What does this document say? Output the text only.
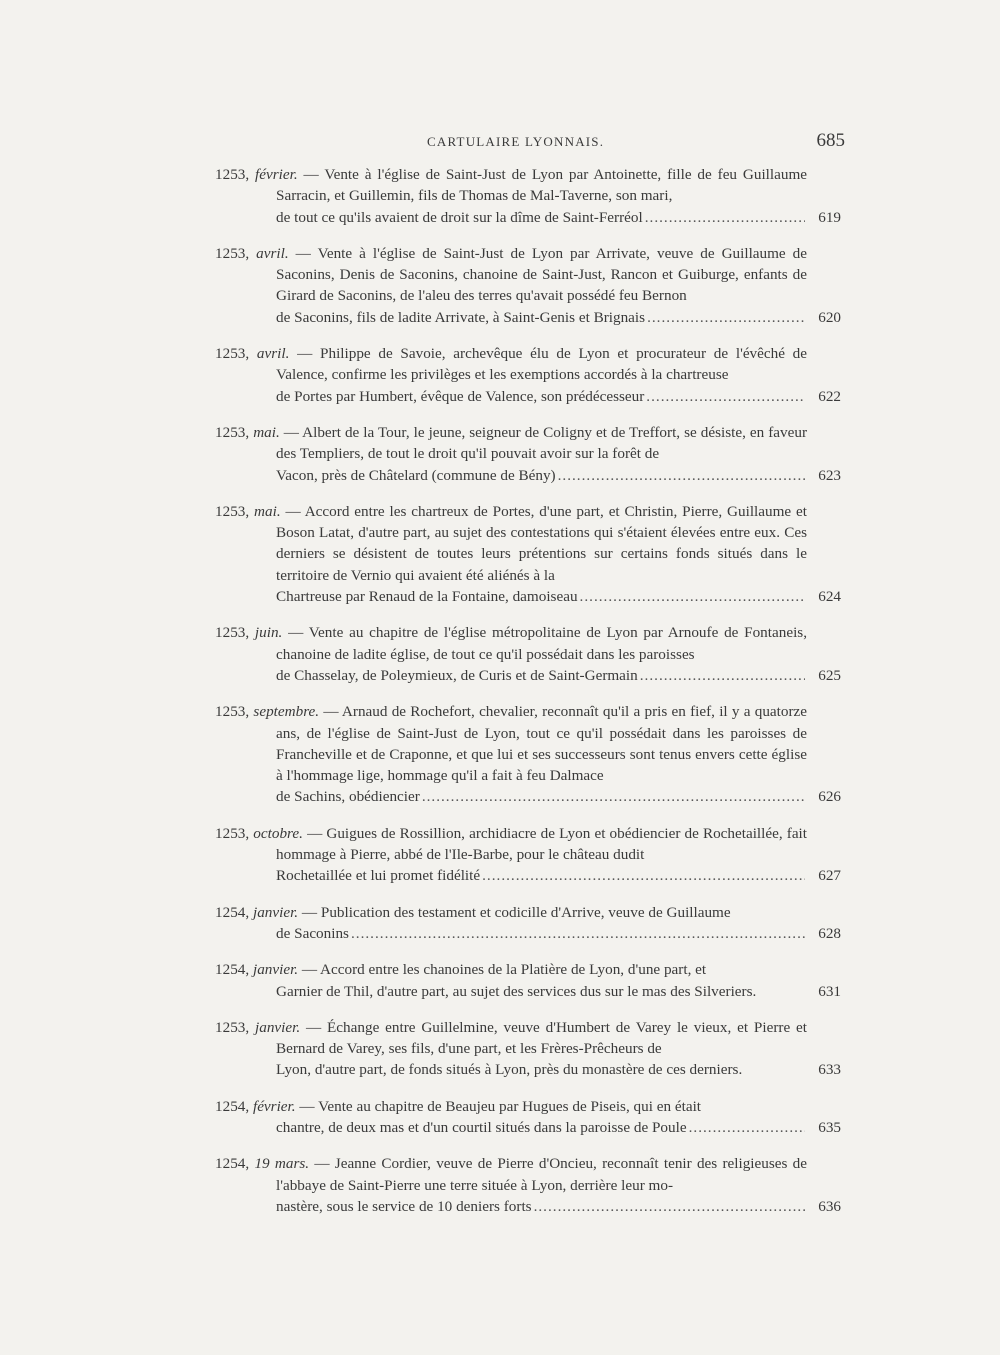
CARTULAIRE LYONNAIS.	685
1253, février. — Vente à l'église de Saint-Just de Lyon par Antoinette, fille de feu Guillaume Sarracin, et Guillemin, fils de Thomas de Mal-Taverne, son mari,
de tout ce qu'ils avaient de droit sur la dîme de Saint-Ferréol .....	619
1253, avril. — Vente à l'église de Saint-Just de Lyon par Arrivate, veuve de Guillaume de Saconins, Denis de Saconins, chanoine de Saint-Just, Rancon et Guiburge, enfants de Girard de Saconins, de l'aleu des terres qu'avait possédé feu Bernon
de Saconins, fils de ladite Arrivate, à Saint-Genis et Brignais .....	620
1253, avril. — Philippe de Savoie, archevêque élu de Lyon et procurateur de l'évêché de Valence, confirme les privilèges et les exemptions accordés à la chartreuse
de Portes par Humbert, évêque de Valence, son prédécesseur .....	622
1253, mai. — Albert de la Tour, le jeune, seigneur de Coligny et de Treffort, se désiste, en faveur des Templiers, de tout le droit qu'il pouvait avoir sur la forêt de
Vacon, près de Châtelard (commune de Bény) .....	623
1253, mai. — Accord entre les chartreux de Portes, d'une part, et Christin, Pierre, Guillaume et Boson Latat, d'autre part, au sujet des contestations qui s'étaient élevées entre eux. Ces derniers se désistent de toutes leurs prétentions sur certains fonds situés dans le territoire de Vernio qui avaient été aliénés à la
Chartreuse par Renaud de la Fontaine, damoiseau .....	624
1253, juin. — Vente au chapitre de l'église métropolitaine de Lyon par Arnoufe de Fontaneis, chanoine de ladite église, de tout ce qu'il possédait dans les paroisses
de Chasselay, de Poleymieux, de Curis et de Saint-Germain .....	625
1253, septembre. — Arnaud de Rochefort, chevalier, reconnaît qu'il a pris en fief, il y a quatorze ans, de l'église de Saint-Just de Lyon, tout ce qu'il possédait dans les paroisses de Francheville et de Craponne, et que lui et ses successeurs sont tenus envers cette église à l'hommage lige, hommage qu'il a fait à feu Dalmace
de Sachins, obédiencier .....	626
1253, octobre. — Guigues de Rossillion, archidiacre de Lyon et obédiencier de Rochetaillée, fait hommage à Pierre, abbé de l'Ile-Barbe, pour le château dudit
Rochetaillée et lui promet fidélité .....	627
1254, janvier. — Publication des testament et codicille d'Arrive, veuve de Guillaume
de Saconins .....	628
1254, janvier. — Accord entre les chanoines de la Platière de Lyon, d'une part, et
Garnier de Thil, d'autre part, au sujet des services dus sur le mas des Silveriers.	631
1253, janvier. — Échange entre Guillelmine, veuve d'Humbert de Varey le vieux, et Pierre et Bernard de Varey, ses fils, d'une part, et les Frères-Prêcheurs de
Lyon, d'autre part, de fonds situés à Lyon, près du monastère de ces derniers.	633
1254, février. — Vente au chapitre de Beaujeu par Hugues de Piseis, qui en était
chantre, de deux mas et d'un courtil situés dans la paroisse de Poule .....	635
1254, 19 mars. — Jeanne Cordier, veuve de Pierre d'Oncieu, reconnaît tenir des religieuses de l'abbaye de Saint-Pierre une terre située à Lyon, derrière leur mo-
nastère, sous le service de 10 deniers forts .....	636
